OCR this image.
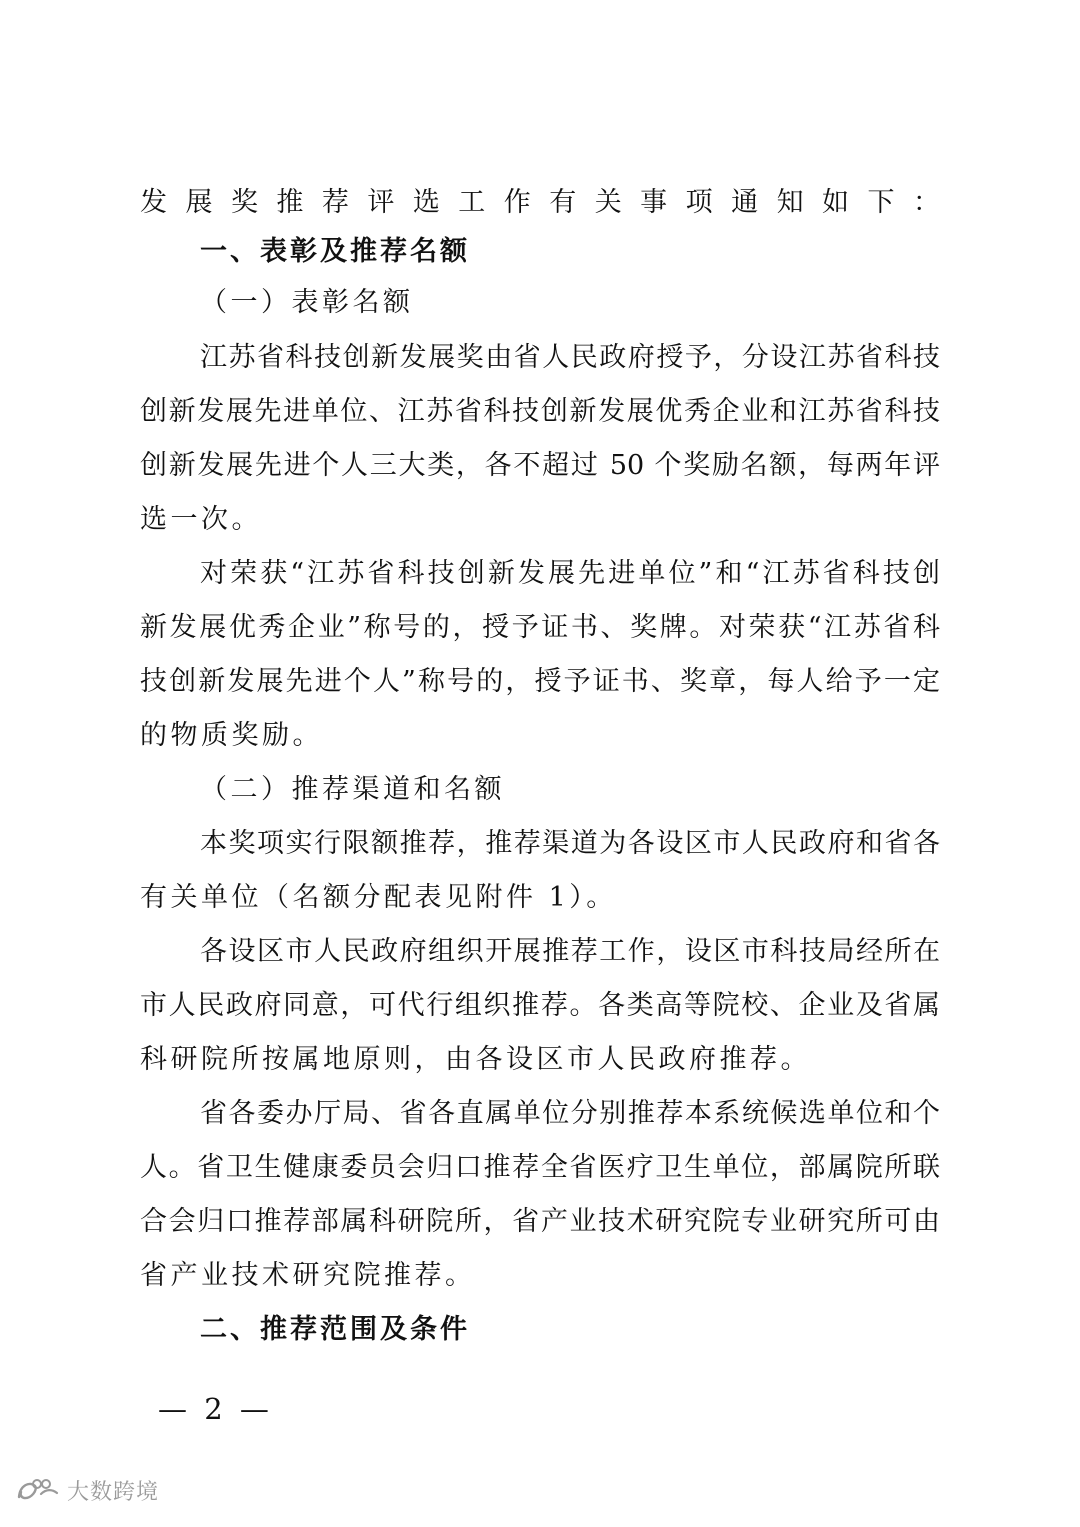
发展奖推荐评选工作有关事项通知如下：
一、表彰及推荐名额
（一）表彰名额
江苏省科技创新发展奖由省人民政府授予，分设江苏省科技
创新发展先进单位、江苏省科技创新发展优秀企业和江苏省科技
创新发展先进个人三大类，各不超过 50 个奖励名额，每两年评
选一次。
对荣获“江苏省科技创新发展先进单位”和“江苏省科技创
新发展优秀企业”称号的，授予证书、奖牌。对荣获“江苏省科
技创新发展先进个人”称号的，授予证书、奖章，每人给予一定
的物质奖励。
（二）推荐渠道和名额
本奖项实行限额推荐，推荐渠道为各设区市人民政府和省各
有关单位（名额分配表见附件 1）。
各设区市人民政府组织开展推荐工作，设区市科技局经所在
市人民政府同意，可代行组织推荐。各类高等院校、企业及省属
科研院所按属地原则，由各设区市人民政府推荐。
省各委办厅局、省各直属单位分别推荐本系统候选单位和个
人。省卫生健康委员会归口推荐全省医疗卫生单位，部属院所联
合会归口推荐部属科研院所，省产业技术研究院专业研究所可由
省产业技术研究院推荐。
二、推荐范围及条件
— 2 —
大数跨境
